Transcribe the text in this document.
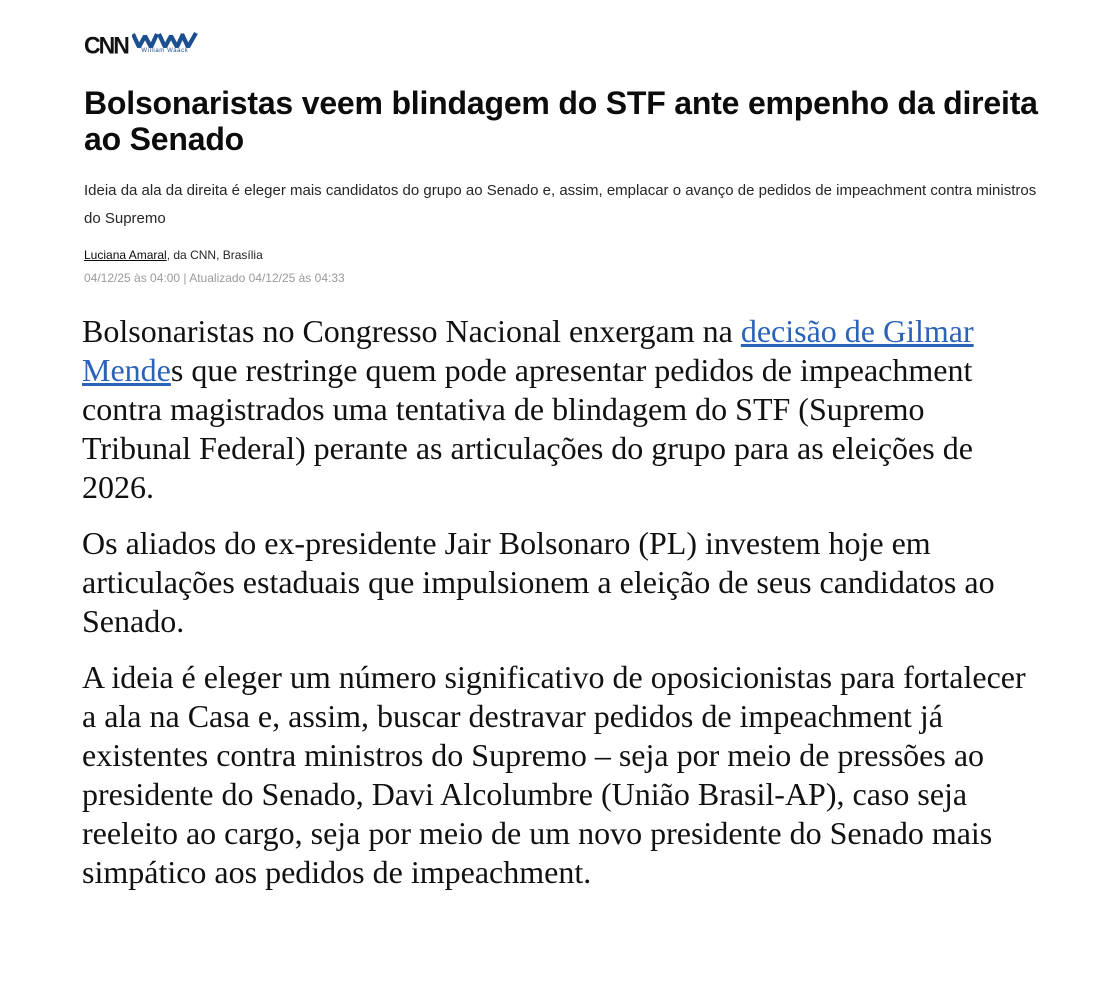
CNN William Waack
Bolsonaristas veem blindagem do STF ante empenho da direita ao Senado

Ideia da ala da direita é eleger mais candidatos do grupo ao Senado e, assim, emplacar o avanço de pedidos de impeachment contra ministros do Supremo

Luciana Amaral, da CNN, Brasília
04/12/25 às 04:00 | Atualizado 04/12/25 às 04:33

Bolsonaristas no Congresso Nacional enxergam na decisão de Gilmar Mendes que restringe quem pode apresentar pedidos de impeachment contra magistrados uma tentativa de blindagem do STF (Supremo Tribunal Federal) perante as articulações do grupo para as eleições de 2026.

Os aliados do ex-presidente Jair Bolsonaro (PL) investem hoje em articulações estaduais que impulsionem a eleição de seus candidatos ao Senado.

A ideia é eleger um número significativo de oposicionistas para fortalecer a ala na Casa e, assim, buscar destravar pedidos de impeachment já existentes contra ministros do Supremo – seja por meio de pressões ao presidente do Senado, Davi Alcolumbre (União Brasil-AP), caso seja reeleito ao cargo, seja por meio de um novo presidente do Senado mais simpático aos pedidos de impeachment.
